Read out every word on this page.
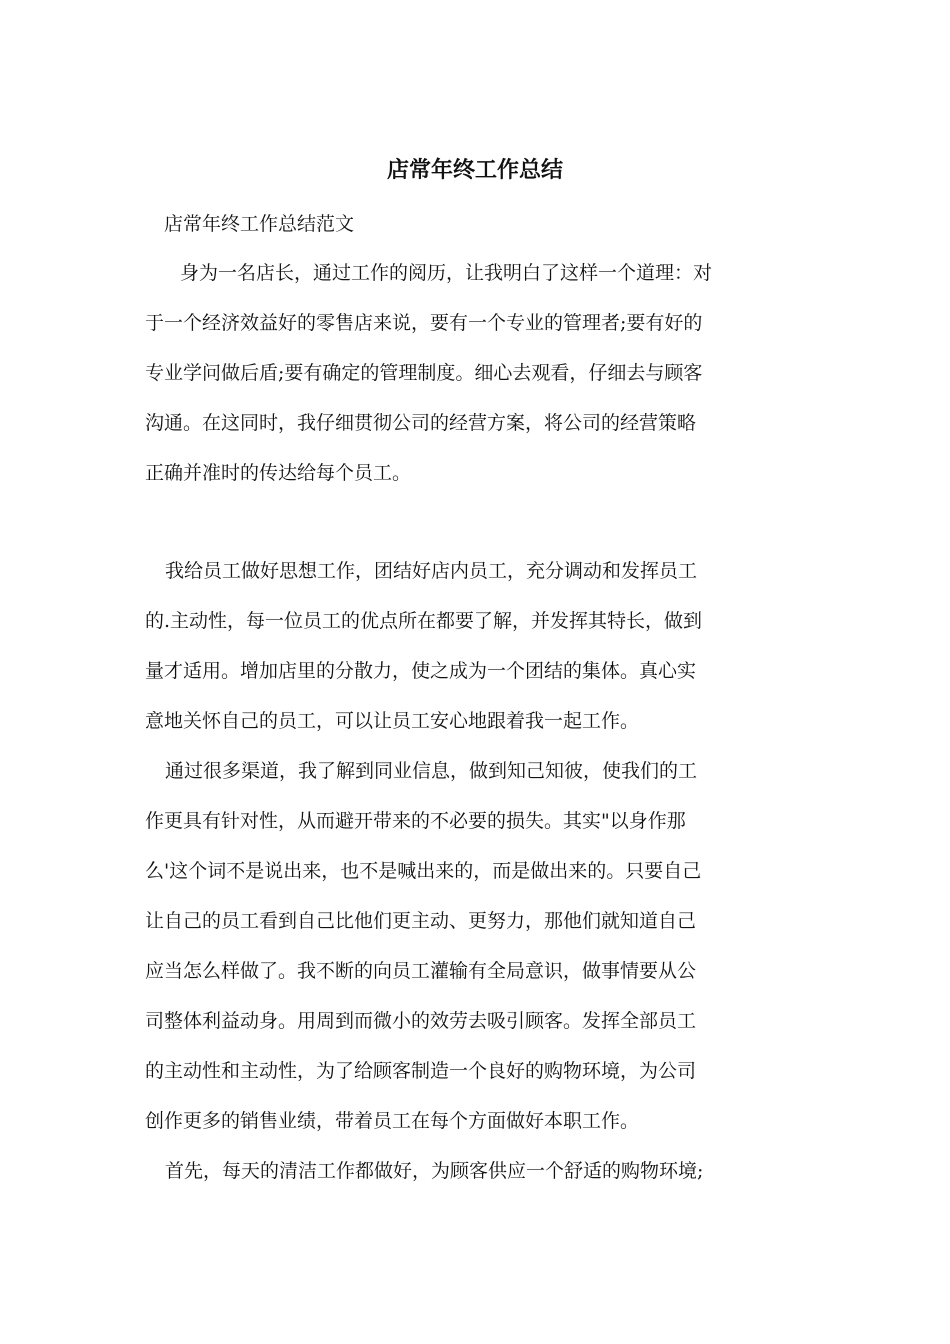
店常年终工作总结

店常年终工作总结范文

身为一名店长，通过工作的阅历，让我明白了这样一个道理：对

于一个经济效益好的零售店来说，要有一个专业的管理者;要有好的

专业学问做后盾;要有确定的管理制度。细心去观看，仔细去与顾客

沟通。在这同时，我仔细贯彻公司的经营方案，将公司的经营策略

正确并准时的传达给每个员工。

我给员工做好思想工作，团结好店内员工，充分调动和发挥员工

的.主动性，每一位员工的优点所在都要了解，并发挥其特长，做到

量才适用。增加店里的分散力，使之成为一个团结的集体。真心实

意地关怀自己的员工，可以让员工安心地跟着我一起工作。

通过很多渠道，我了解到同业信息，做到知己知彼，使我们的工

作更具有针对性，从而避开带来的不必要的损失。其实"以身作那

么'这个词不是说出来，也不是喊出来的，而是做出来的。只要自己

让自己的员工看到自己比他们更主动、更努力，那他们就知道自己

应当怎么样做了。我不断的向员工灌输有全局意识，做事情要从公

司整体利益动身。用周到而微小的效劳去吸引顾客。发挥全部员工

的主动性和主动性，为了给顾客制造一个良好的购物环境，为公司

创作更多的销售业绩，带着员工在每个方面做好本职工作。

首先，每天的清洁工作都做好，为顾客供应一个舒适的购物环境;
